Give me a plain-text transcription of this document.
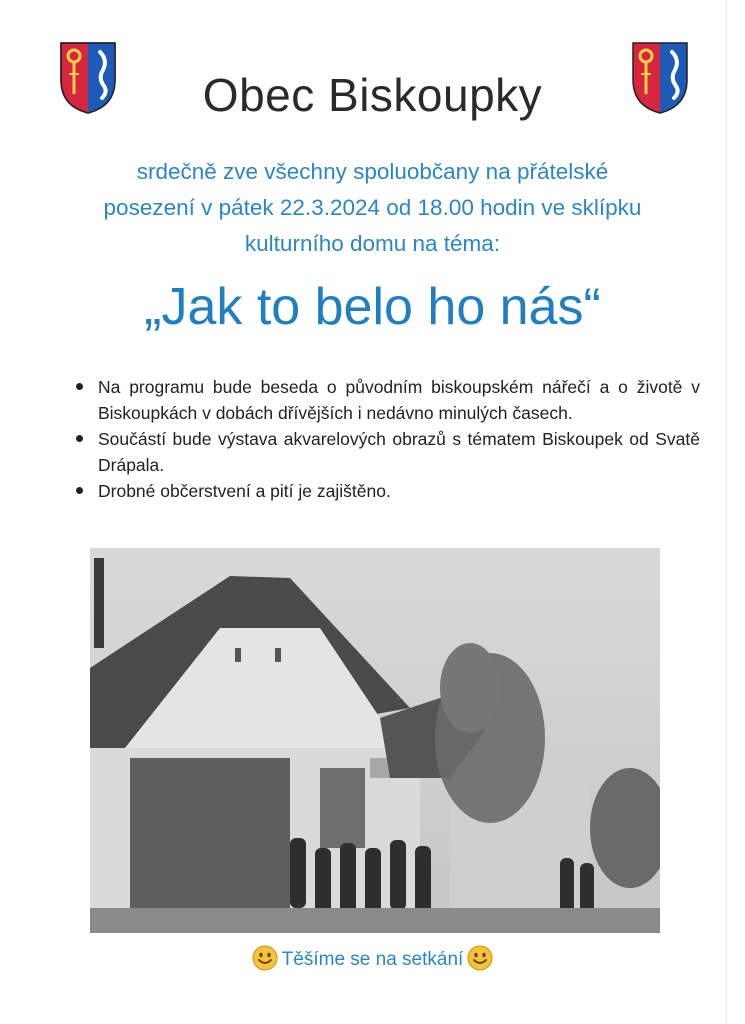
Obec Biskoupky
srdečně zve všechny spoluobčany na přátelské
posezení v pátek 22.3.2024 od 18.00 hodin ve sklípku
kulturního domu na téma:
„Jak to belo ho nás“
Na programu bude beseda o původním biskoupském nářečí a o životě v Biskoupkách v dobách dřívějších i nedávno minulých časech.
Součástí bude výstava akvarelových obrazů s tématem Biskoupek od Svatě Drápala.
Drobné občerstvení a pití je zajištěno.
Těšíme se na setkání
